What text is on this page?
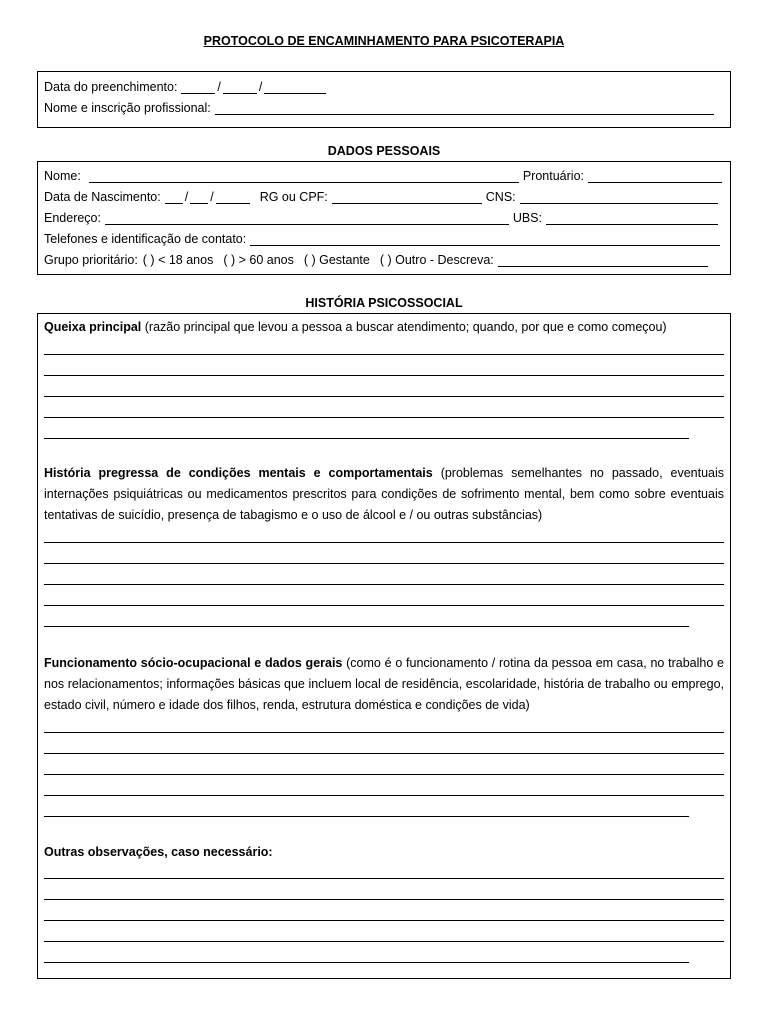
PROTOCOLO DE ENCAMINHAMENTO PARA PSICOTERAPIA
Data do preenchimento:	/	/
Nome e inscrição profissional:
DADOS PESSOAIS
Nome:	Prontuário:
Data de Nascimento: / /	RG ou CPF:	CNS:
Endereço:	UBS:
Telefones e identificação de contato:
Grupo prioritário: ( ) < 18 anos ( ) > 60 anos ( ) Gestante ( ) Outro - Descreva:
HISTÓRIA PSICOSSOCIAL
Queixa principal (razão principal que levou a pessoa a buscar atendimento; quando, por que e como começou)
História pregressa de condições mentais e comportamentais (problemas semelhantes no passado, eventuais internações psiquiátricas ou medicamentos prescritos para condições de sofrimento mental, bem como sobre eventuais tentativas de suicídio, presença de tabagismo e o uso de álcool e / ou outras substâncias)
Funcionamento sócio-ocupacional e dados gerais (como é o funcionamento / rotina da pessoa em casa, no trabalho e nos relacionamentos; informações básicas que incluem local de residência, escolaridade, história de trabalho ou emprego, estado civil, número e idade dos filhos, renda, estrutura doméstica e condições de vida)
Outras observações, caso necessário:
